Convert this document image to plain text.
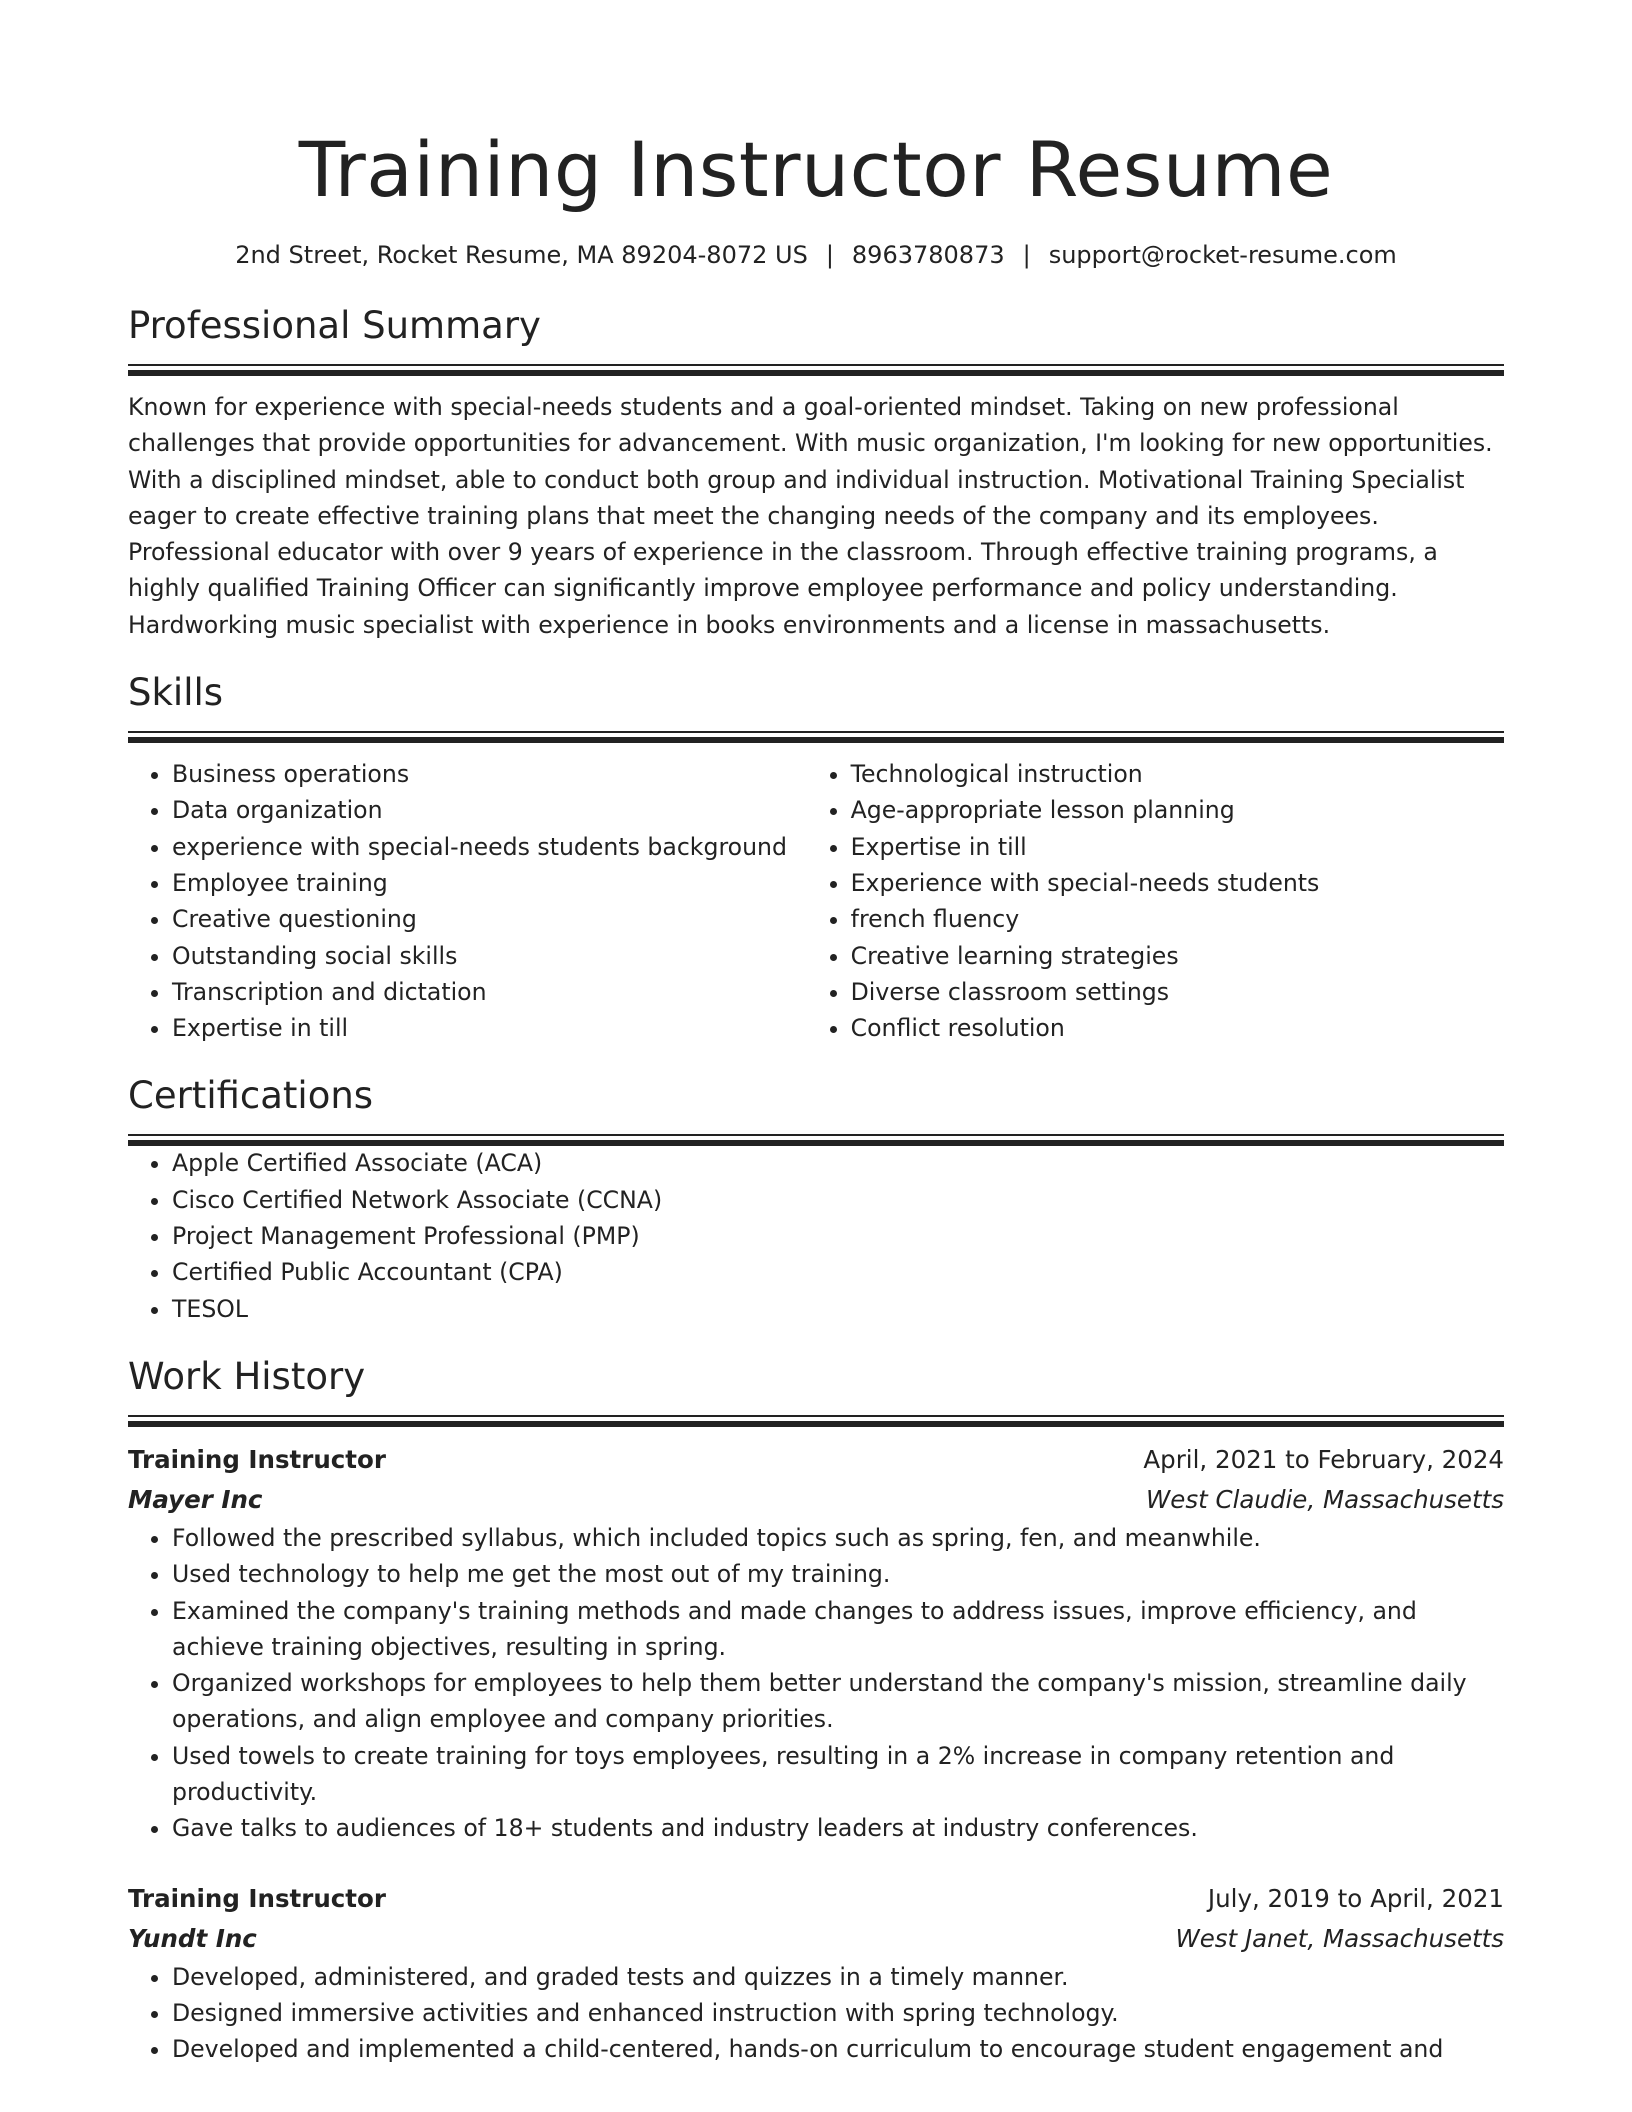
Training Instructor Resume
2nd Street, Rocket Resume, MA 89204-8072 US | 8963780873 | support@rocket-resume.com
Professional Summary

Known for experience with special-needs students and a goal-oriented mindset. Taking on new professional challenges that provide opportunities for advancement. With music organization, I'm looking for new opportunities. With a disciplined mindset, able to conduct both group and individual instruction. Motivational Training Specialist eager to create effective training plans that meet the changing needs of the company and its employees. Professional educator with over 9 years of experience in the classroom. Through effective training programs, a highly qualified Training Officer can significantly improve employee performance and policy understanding. Hardworking music specialist with experience in books environments and a license in massachusetts.

Skills
• Business operations
• Data organization
• experience with special-needs students background
• Employee training
• Creative questioning
• Outstanding social skills
• Transcription and dictation
• Expertise in till
• Technological instruction
• Age-appropriate lesson planning
• Expertise in till
• Experience with special-needs students
• french fluency
• Creative learning strategies
• Diverse classroom settings
• Conflict resolution
Certifications
• Apple Certified Associate (ACA)
• Cisco Certified Network Associate (CCNA)
• Project Management Professional (PMP)
• Certified Public Accountant (CPA)
• TESOL
Work History
Training Instructor	April, 2021 to February, 2024
Mayer Inc	West Claudie, Massachusetts
• Followed the prescribed syllabus, which included topics such as spring, fen, and meanwhile.
• Used technology to help me get the most out of my training.
• Examined the company's training methods and made changes to address issues, improve efficiency, and achieve training objectives, resulting in spring.
• Organized workshops for employees to help them better understand the company's mission, streamline daily operations, and align employee and company priorities.
• Used towels to create training for toys employees, resulting in a 2% increase in company retention and productivity.
• Gave talks to audiences of 18+ students and industry leaders at industry conferences.
Training Instructor	July, 2019 to April, 2021
Yundt Inc	West Janet, Massachusetts
• Developed, administered, and graded tests and quizzes in a timely manner.
• Designed immersive activities and enhanced instruction with spring technology.
• Developed and implemented a child-centered, hands-on curriculum to encourage student engagement and
